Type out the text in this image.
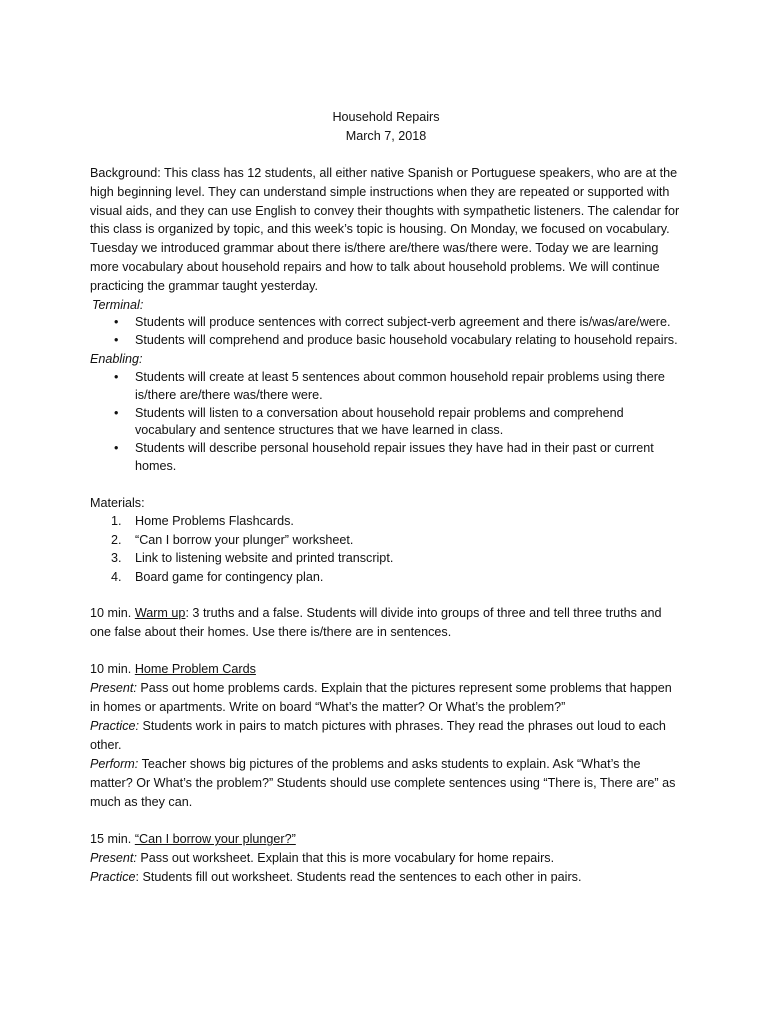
Household Repairs
March 7, 2018

Background: This class has 12 students, all either native Spanish or Portuguese speakers, who are at the high beginning level. They can understand simple instructions when they are repeated or supported with visual aids, and they can use English to convey their thoughts with sympathetic listeners. The calendar for this class is organized by topic, and this week’s topic is housing. On Monday, we focused on vocabulary. Tuesday we introduced grammar about there is/there are/there was/there were. Today we are learning more vocabulary about household repairs and how to talk about household problems. We will continue practicing the grammar taught yesterday.

Terminal:
• Students will produce sentences with correct subject-verb agreement and there is/was/are/were.
• Students will comprehend and produce basic household vocabulary relating to household repairs.
Enabling:
• Students will create at least 5 sentences about common household repair problems using there is/there are/there was/there were.
• Students will listen to a conversation about household repair problems and comprehend vocabulary and sentence structures that we have learned in class.
• Students will describe personal household repair issues they have had in their past or current homes.
Materials:
1. Home Problems Flashcards.
2. “Can I borrow your plunger” worksheet.
3. Link to listening website and printed transcript.
4. Board game for contingency plan.

10 min. Warm up: 3 truths and a false. Students will divide into groups of three and tell three truths and one false about their homes. Use there is/there are in sentences.

10 min. Home Problem Cards

Present: Pass out home problems cards. Explain that the pictures represent some problems that happen in homes or apartments. Write on board “What’s the matter? Or What’s the problem?”

Practice: Students work in pairs to match pictures with phrases. They read the phrases out loud to each other.

Perform: Teacher shows big pictures of the problems and asks students to explain. Ask “What’s the matter? Or What’s the problem?” Students should use complete sentences using “There is, There are” as much as they can.

15 min. “Can I borrow your plunger?”

Present: Pass out worksheet. Explain that this is more vocabulary for home repairs.

Practice: Students fill out worksheet. Students read the sentences to each other in pairs.
